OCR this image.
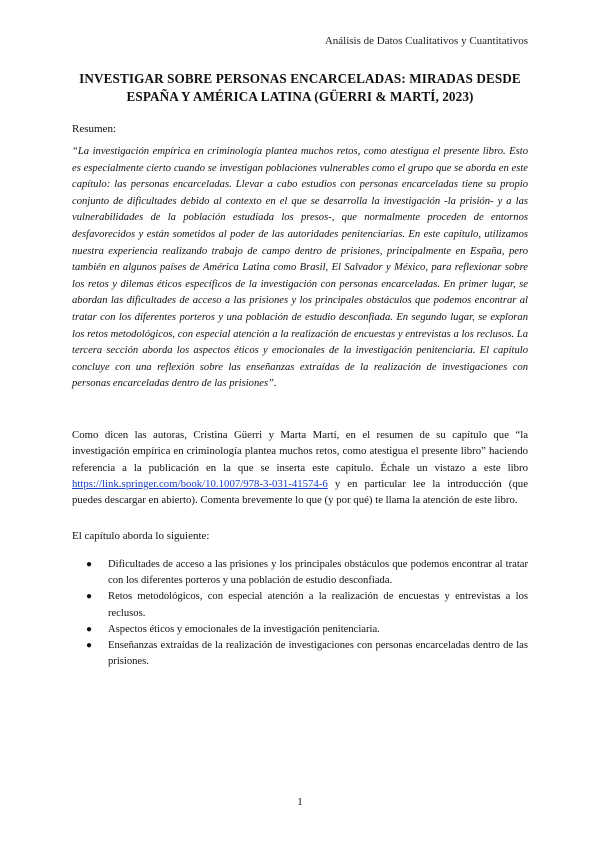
Análisis de Datos Cualitativos y Cuantitativos
INVESTIGAR SOBRE PERSONAS ENCARCELADAS: MIRADAS DESDE ESPAÑA Y AMÉRICA LATINA (GÜERRI & MARTÍ, 2023)
Resumen:
“La investigación empírica en criminología plantea muchos retos, como atestigua el presente libro. Esto es especialmente cierto cuando se investigan poblaciones vulnerables como el grupo que se aborda en este capítulo: las personas encarceladas. Llevar a cabo estudios con personas encarceladas tiene su propio conjunto de dificultades debido al contexto en el que se desarrolla la investigación -la prisión- y a las vulnerabilidades de la población estudiada los presos-, que normalmente proceden de entornos desfavorecidos y están sometidos al poder de las autoridades penitenciarias. En este capítulo, utilizamos nuestra experiencia realizando trabajo de campo dentro de prisiones, principalmente en España, pero también en algunos países de América Latina como Brasil, El Salvador y México, para reflexionar sobre los retos y dilemas éticos específicos de la investigación con personas encarceladas. En primer lugar, se abordan las dificultades de acceso a las prisiones y los principales obstáculos que podemos encontrar al tratar con los diferentes porteros y una población de estudio desconfiada. En segundo lugar, se exploran los retos metodológicos, con especial atención a la realización de encuestas y entrevistas a los reclusos. La tercera sección aborda los aspectos éticos y emocionales de la investigación penitenciaria. El capítulo concluye con una reflexión sobre las enseñanzas extraídas de la realización de investigaciones con personas encarceladas dentro de las prisiones”.
Como dicen las autoras, Cristina Güerri y Marta Martí, en el resumen de su capítulo que “la investigación empírica en criminología plantea muchos retos, como atestigua el presente libro” haciendo referencia a la publicación en la que se inserta este capítulo. Échale un vistazo a este libro https://link.springer.com/book/10.1007/978-3-031-41574-6 y en particular lee la introducción (que puedes descargar en abierto). Comenta brevemente lo que (y por qué) te llama la atención de este libro.
El capítulo aborda lo siguiente:
● Dificultades de acceso a las prisiones y los principales obstáculos que podemos encontrar al tratar con los diferentes porteros y una población de estudio desconfiada.
● Retos metodológicos, con especial atención a la realización de encuestas y entrevistas a los reclusos.
● Aspectos éticos y emocionales de la investigación penitenciaria.
● Enseñanzas extraídas de la realización de investigaciones con personas encarceladas dentro de las prisiones.
1
